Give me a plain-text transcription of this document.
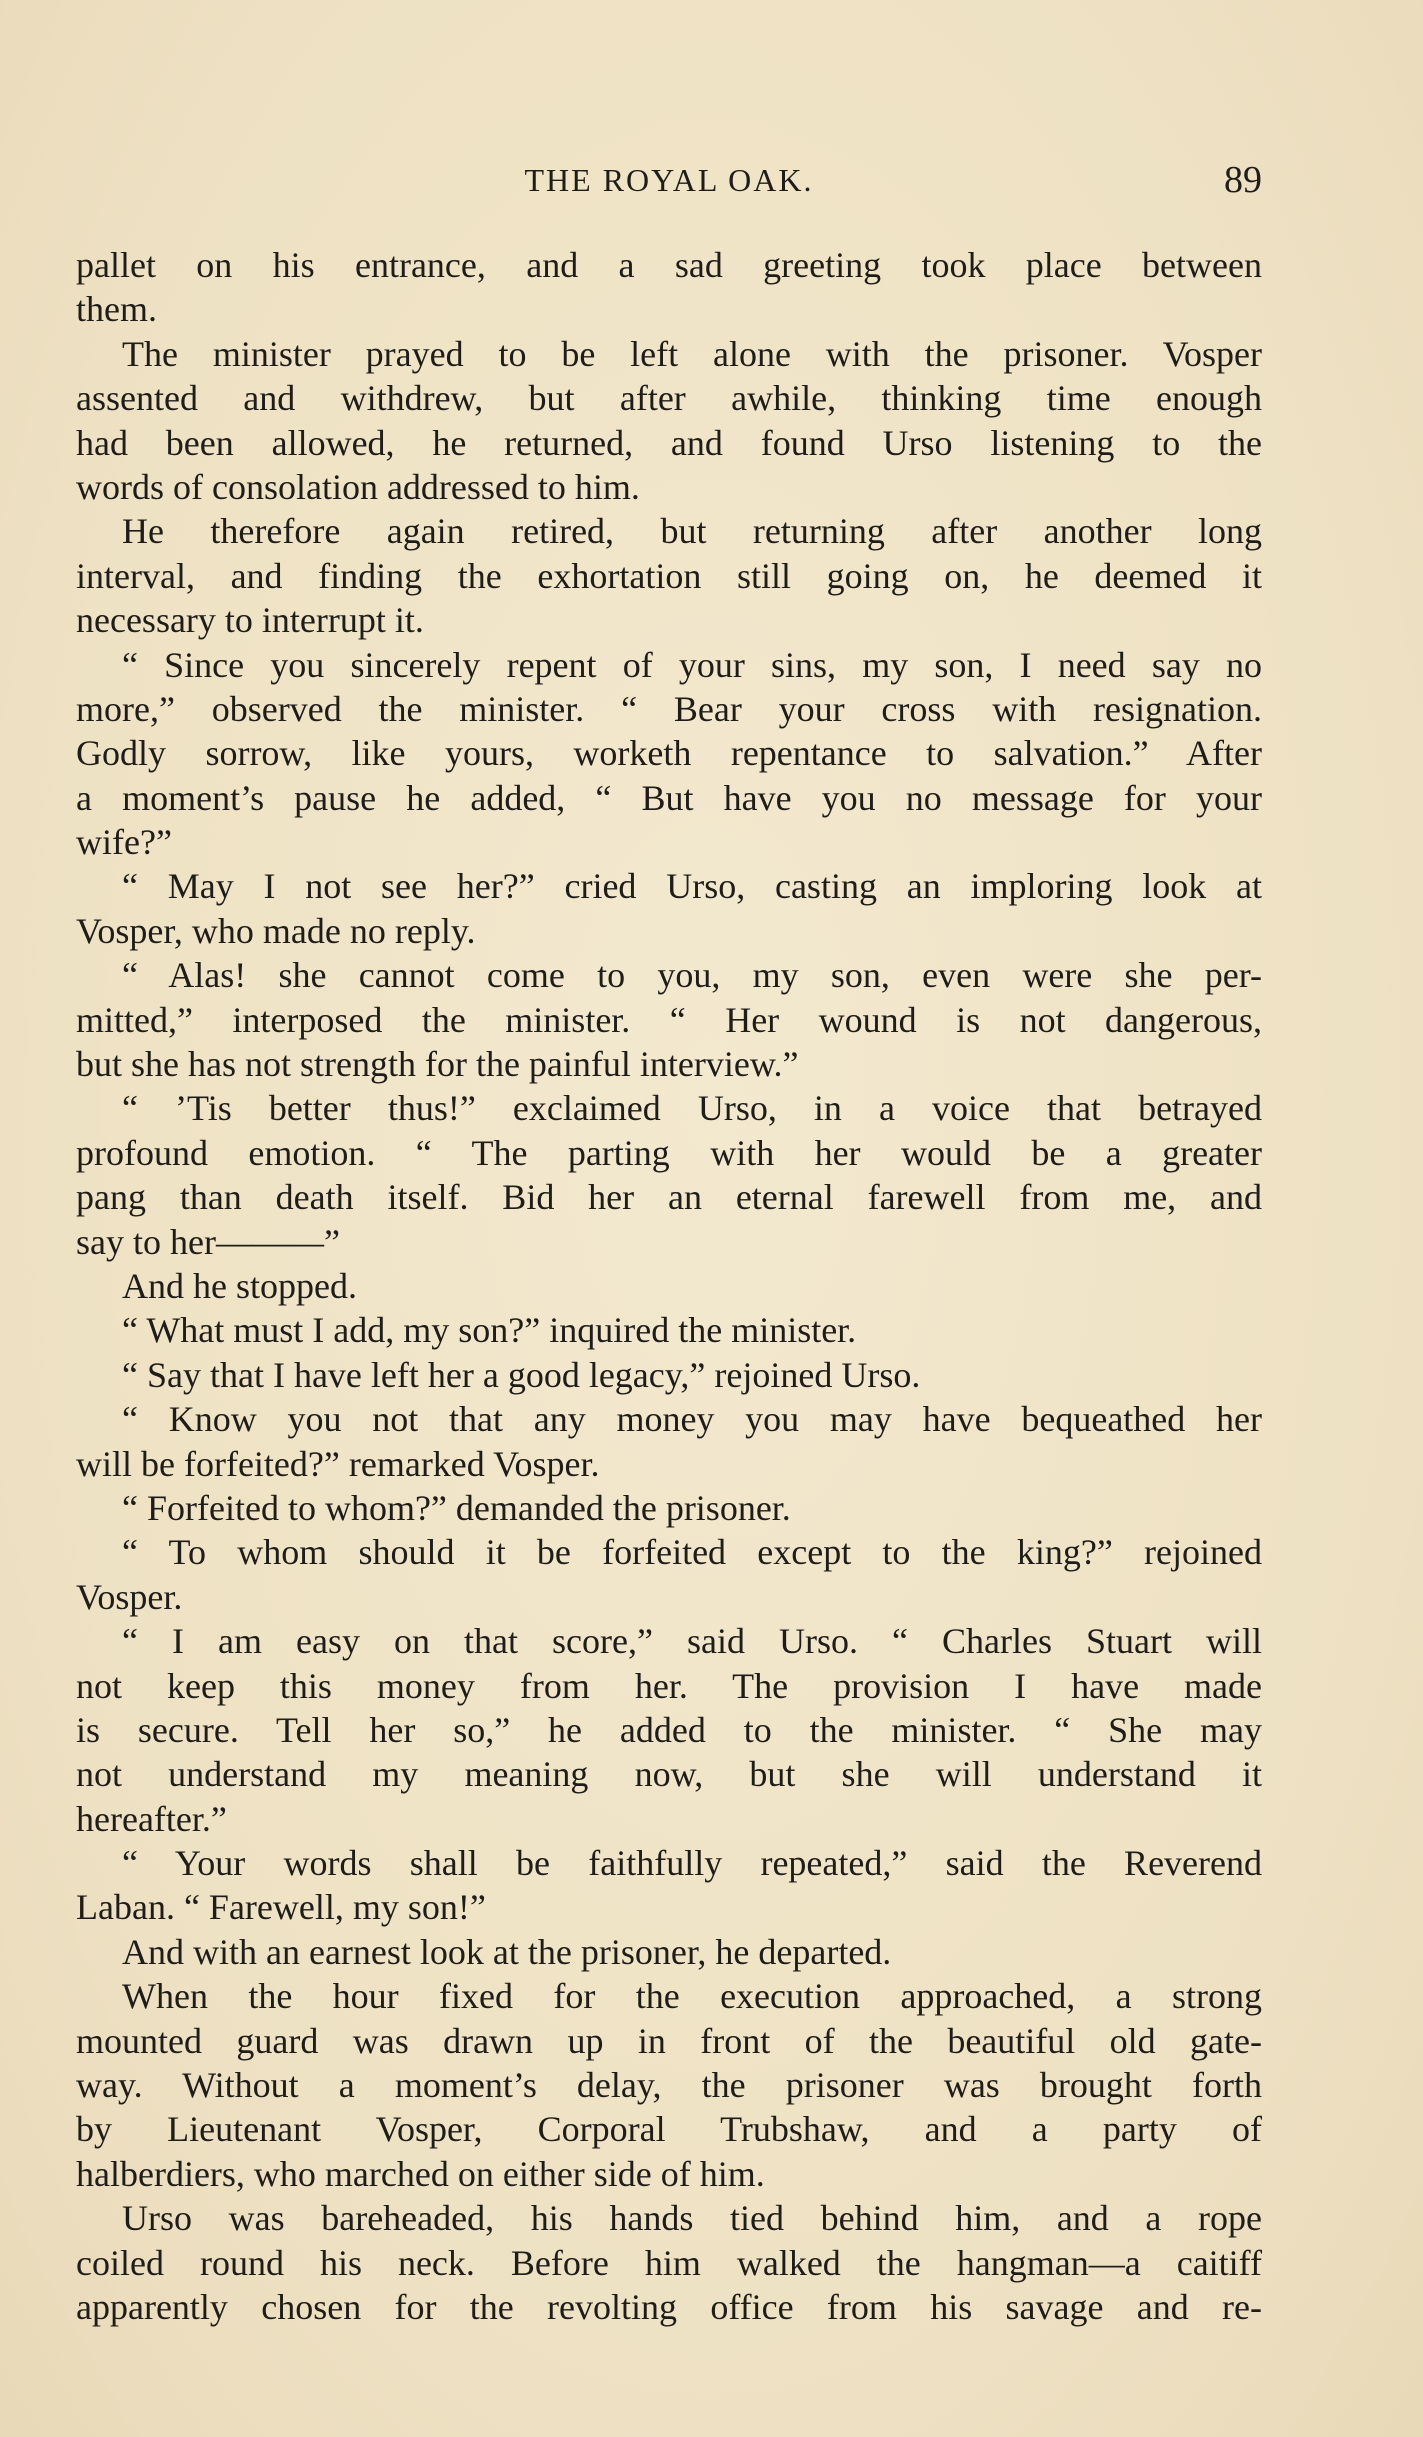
THE ROYAL OAK.	89
pallet on his entrance, and a sad greeting took place between
them.
The minister prayed to be left alone with the prisoner. Vosper
assented and withdrew, but after awhile, thinking time enough
had been allowed, he returned, and found Urso listening to the
words of consolation addressed to him.
He therefore again retired, but returning after another long
interval, and finding the exhortation still going on, he deemed it
necessary to interrupt it.
“ Since you sincerely repent of your sins, my son, I need say no
more,” observed the minister. “ Bear your cross with resignation.
Godly sorrow, like yours, worketh repentance to salvation.” After
a moment’s pause he added, “ But have you no message for your
wife?”
“ May I not see her?” cried Urso, casting an imploring look at
Vosper, who made no reply.
“ Alas! she cannot come to you, my son, even were she per-
mitted,” interposed the minister. “ Her wound is not dangerous,
but she has not strength for the painful interview.”
“ ’Tis better thus!” exclaimed Urso, in a voice that betrayed
profound emotion. “ The parting with her would be a greater
pang than death itself. Bid her an eternal farewell from me, and
say to her———”
And he stopped.
“ What must I add, my son?” inquired the minister.
“ Say that I have left her a good legacy,” rejoined Urso.
“ Know you not that any money you may have bequeathed her
will be forfeited?” remarked Vosper.
“ Forfeited to whom?” demanded the prisoner.
“ To whom should it be forfeited except to the king?” rejoined
Vosper.
“ I am easy on that score,” said Urso. “ Charles Stuart will
not keep this money from her. The provision I have made
is secure. Tell her so,” he added to the minister. “ She may
not understand my meaning now, but she will understand it
hereafter.”
“ Your words shall be faithfully repeated,” said the Reverend
Laban. “ Farewell, my son!”
And with an earnest look at the prisoner, he departed.
When the hour fixed for the execution approached, a strong
mounted guard was drawn up in front of the beautiful old gate-
way. Without a moment’s delay, the prisoner was brought forth
by Lieutenant Vosper, Corporal Trubshaw, and a party of
halberdiers, who marched on either side of him.
Urso was bareheaded, his hands tied behind him, and a rope
coiled round his neck. Before him walked the hangman—a caitiff
apparently chosen for the revolting office from his savage and re-
